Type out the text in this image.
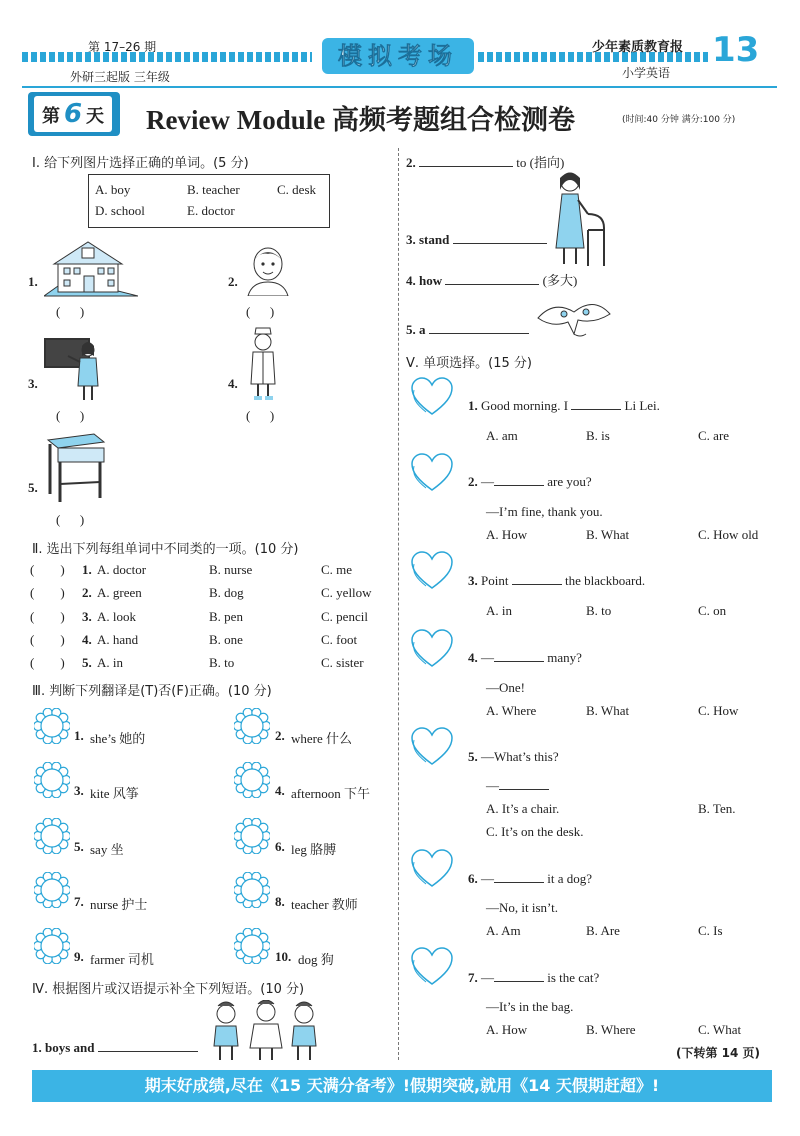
第 17–26 期
外研三起版 三年级
模拟考场	少年素质教育报
小学英语
13
第 6 天 Review Module 高频考题组合检测卷	(时间:40 分钟 满分:100 分)
Ⅰ. 给下列图片选择正确的单词。(5 分)
A. boy	B. teacher	C. desk
D. school	E. doctor
1.
(      )
2.
(      )
3.
(      )
4.
(      )
5.
(      )
Ⅱ. 选出下列每组单词中不同类的一项。(10 分)
(        ) 1. A. doctor	B. nurse	C. me
(        ) 2. A. green	B. dog	C. yellow
(        ) 3. A. look	B. pen	C. pencil
(        ) 4. A. hand	B. one	C. foot
(        ) 5. A. in	B. to	C. sister
Ⅲ. 判断下列翻译是(T)否(F)正确。(10 分)
1. she’s 她的	2. where 什么
3. kite 风筝	4. afternoon 下午
5. say 坐	6. leg 胳膊
7. nurse 护士	8. teacher 教师
9. farmer 司机	10. dog 狗
Ⅳ. 根据图片或汉语提示补全下列短语。(10 分)
1. boys and
2.	to (指向)
3. stand
4. how	(多大)
5. a
Ⅴ. 单项选择。(15 分)
1. Good morning. I	Li Lei.
A. am	B. is	C. are
2. —	are you?
—I’m fine, thank you.
A. How	B. What	C. How old
3. Point	the blackboard.
A. in	B. to	C. on
4. —	many?
—One!
A. Where	B. What	C. How
5. —What’s this?
—
A. It’s a chair.	B. Ten.
C. It’s on the desk.
6. —	it a dog?
—No, it isn’t.
A. Am	B. Are	C. Is
7. —	is the cat?
—It’s in the bag.
A. How	B. Where	C. What
(下转第 14 页)
期末好成绩,尽在《15 天满分备考》!假期突破,就用《14 天假期赶超》!
